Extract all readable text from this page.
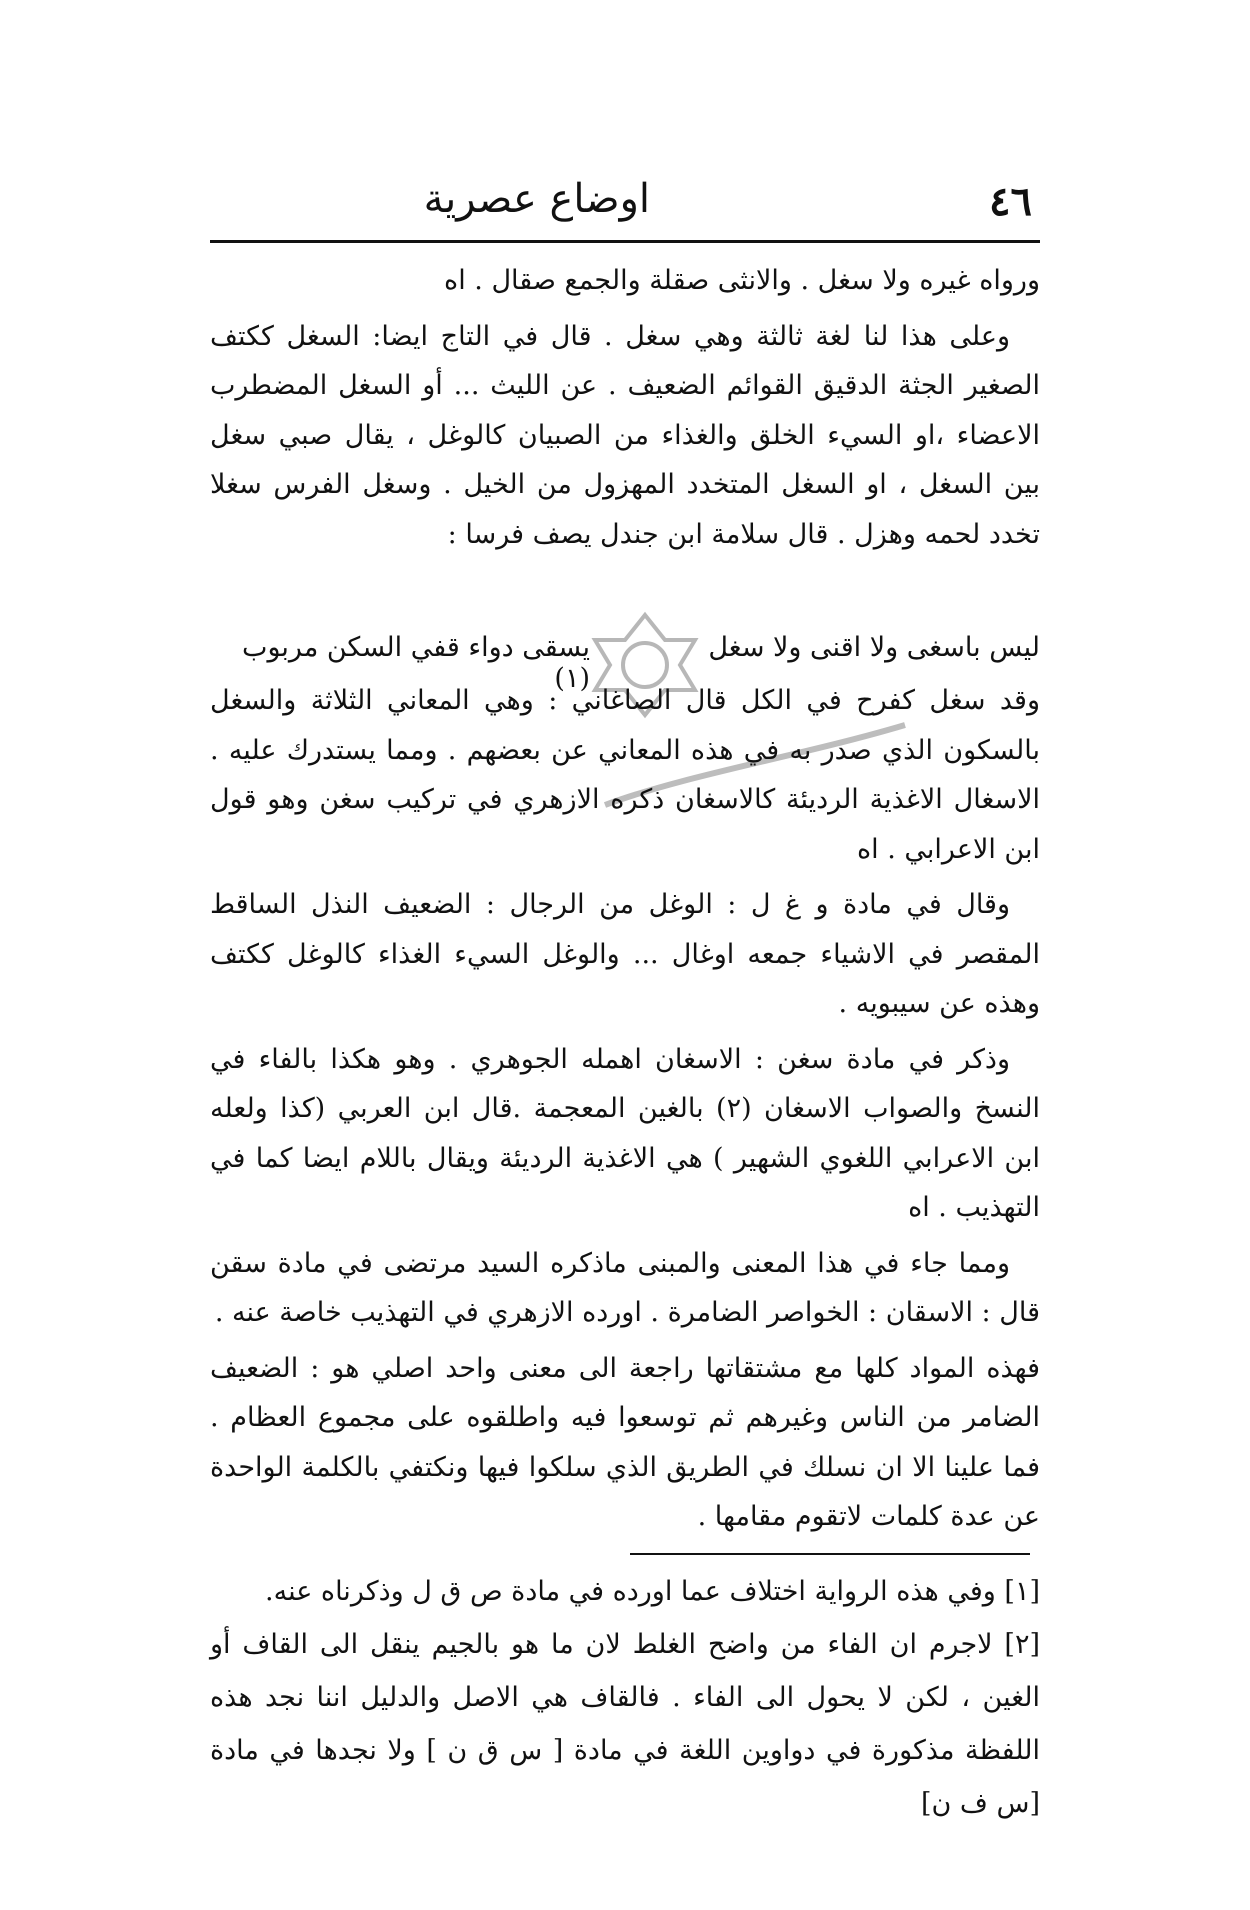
٤٦
اوضاع عصرية

ورواه غيره ولا سغل . والانثى صقلة والجمع صقال . اه

وعلى هذا لنا لغة ثالثة وهي سغل . قال في التاج ايضا: السغل ككتف الصغير الجثة الدقيق القوائم الضعيف . عن الليث ... أو السغل المضطرب الاعضاء ،او السيء الخلق والغذاء من الصبيان كالوغل ، يقال صبي سغل بين السغل ، او السغل المتخدد المهزول من الخيل . وسغل الفرس سغلا تخدد لحمه وهزل . قال سلامة ابن جندل يصف فرسا :

ليس باسغى ولا اقنى ولا سغل
يسقى دواء قفي السكن مربوب (١)

وقد سغل كفرح في الكل قال الصاغاني : وهي المعاني الثلاثة والسغل بالسكون الذي صدر به في هذه المعاني عن بعضهم . ومما يستدرك عليه . الاسغال الاغذية الرديئة كالاسغان ذكره الازهري في تركيب سغن وهو قول ابن الاعرابي . اه

وقال في مادة و غ ل : الوغل من الرجال : الضعيف النذل الساقط المقصر في الاشياء جمعه اوغال ... والوغل السيء الغذاء كالوغل ككتف وهذه عن سيبويه .

وذكر في مادة سغن : الاسغان اهمله الجوهري . وهو هكذا بالفاء في النسخ والصواب الاسغان (٢) بالغين المعجمة .قال ابن العربي (كذا ولعله ابن الاعرابي اللغوي الشهير ) هي الاغذية الرديئة ويقال باللام ايضا كما في التهذيب . اه

ومما جاء في هذا المعنى والمبنى ماذكره السيد مرتضى في مادة سقن قال : الاسقان : الخواصر الضامرة . اورده الازهري في التهذيب خاصة عنه .

فهذه المواد كلها مع مشتقاتها راجعة الى معنى واحد اصلي هو : الضعيف الضامر من الناس وغيرهم ثم توسعوا فيه واطلقوه على مجموع العظام . فما علينا الا ان نسلك في الطريق الذي سلكوا فيها ونكتفي بالكلمة الواحدة عن عدة كلمات لاتقوم مقامها .

[١] وفي هذه الرواية اختلاف عما اورده في مادة ص ق ل وذكرناه عنه.

[٢] لاجرم ان الفاء من واضح الغلط لان ما هو بالجيم ينقل الى القاف أو الغين ، لكن لا يحول الى الفاء . فالقاف هي الاصل والدليل اننا نجد هذه اللفظة مذكورة في دواوين اللغة في مادة [ س ق ن ] ولا نجدها في مادة [س ف ن]
